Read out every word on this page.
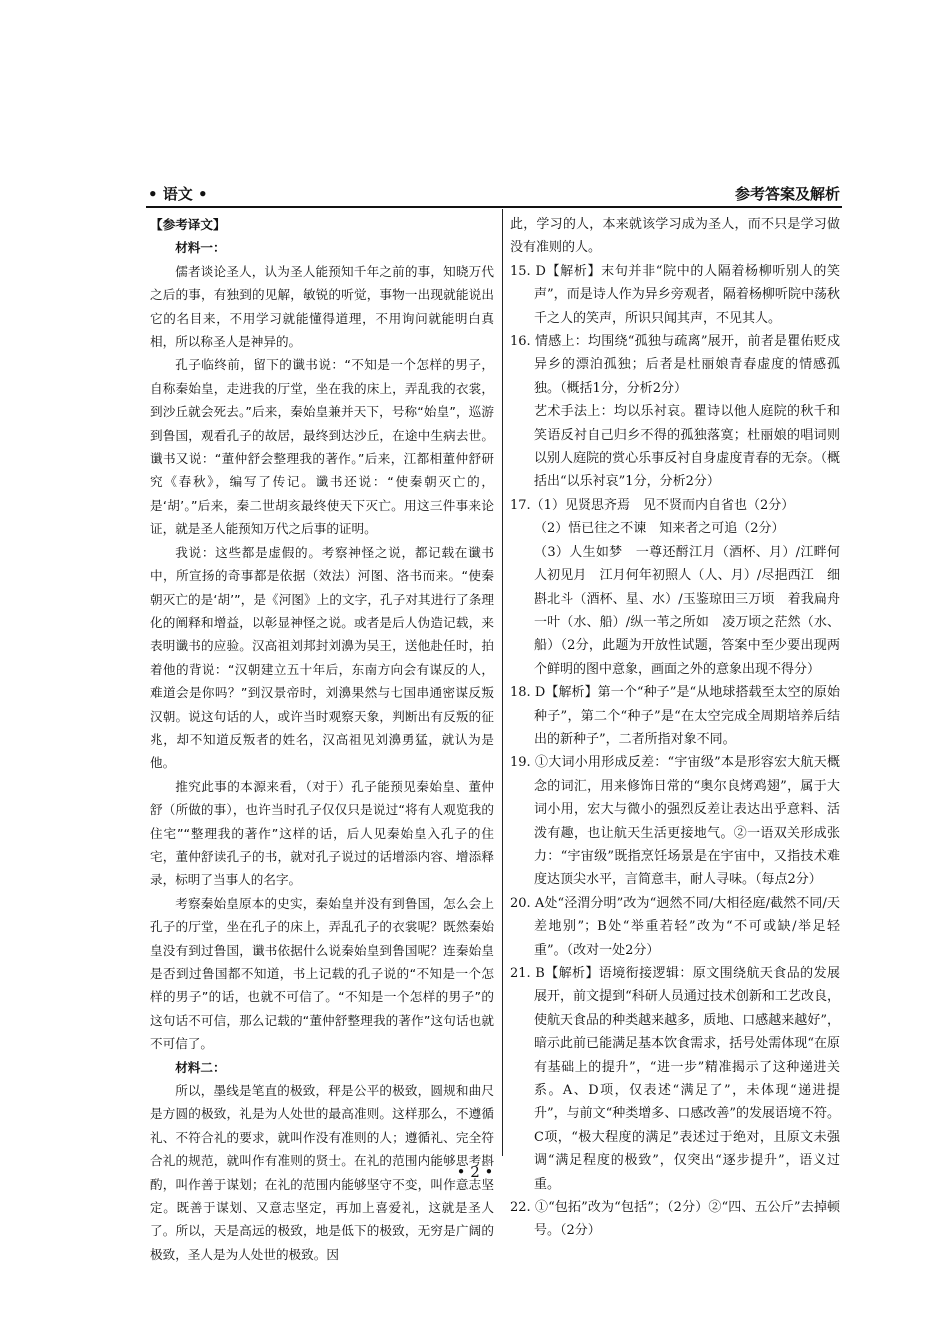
• 语文 •	参考答案及解析

【参考译文】

材料一：

儒者谈论圣人，认为圣人能预知千年之前的事，知晓万代之后的事，有独到的见解，敏锐的听觉，事物一出现就能说出它的名目来，不用学习就能懂得道理，不用询问就能明白真相，所以称圣人是神异的。

孔子临终前，留下的谶书说：“不知是一个怎样的男子，自称秦始皇，走进我的厅堂，坐在我的床上，弄乱我的衣裳，到沙丘就会死去。”后来，秦始皇兼并天下，号称“始皇”，巡游到鲁国，观看孔子的故居，最终到达沙丘，在途中生病去世。谶书又说：“董仲舒会整理我的著作。”后来，江都相董仲舒研究《春秋》，编写了传记。谶书还说：“使秦朝灭亡的，是‘胡’。”后来，秦二世胡亥最终使天下灭亡。用这三件事来论证，就是圣人能预知万代之后事的证明。

我说：这些都是虚假的。考察神怪之说，都记载在谶书中，所宣扬的奇事都是依据（效法）河图、洛书而来。“使秦朝灭亡的是‘胡’”，是《河图》上的文字，孔子对其进行了条理化的阐释和增益，以彰显神怪之说。或者是后人伪造记载，来表明谶书的应验。汉高祖刘邦封刘濞为吴王，送他赴任时，拍着他的背说：“汉朝建立五十年后，东南方向会有谋反的人，难道会是你吗？”到汉景帝时，刘濞果然与七国串通密谋反叛汉朝。说这句话的人，或许当时观察天象，判断出有反叛的征兆，却不知道反叛者的姓名，汉高祖见刘濞勇猛，就认为是他。

推究此事的本源来看，（对于）孔子能预见秦始皇、董仲舒（所做的事），也许当时孔子仅仅只是说过“将有人观览我的住宅”“整理我的著作”这样的话，后人见秦始皇入孔子的住宅，董仲舒读孔子的书，就对孔子说过的话增添内容、增添释录，标明了当事人的名字。

考察秦始皇原本的史实，秦始皇并没有到鲁国，怎么会上孔子的厅堂，坐在孔子的床上，弄乱孔子的衣裳呢？既然秦始皇没有到过鲁国，谶书依据什么说秦始皇到鲁国呢？连秦始皇是否到过鲁国都不知道，书上记载的孔子说的“不知是一个怎样的男子”的话，也就不可信了。“不知是一个怎样的男子”的这句话不可信，那么记载的“董仲舒整理我的著作”这句话也就不可信了。

材料二：

所以，墨线是笔直的极致，秤是公平的极致，圆规和曲尺是方圆的极致，礼是为人处世的最高准则。这样那么，不遵循礼、不符合礼的要求，就叫作没有准则的人；遵循礼、完全符合礼的规范，就叫作有准则的贤士。在礼的范围内能够思考斟酌，叫作善于谋划；在礼的范围内能够坚守不变，叫作意志坚定。既善于谋划、又意志坚定，再加上喜爱礼，这就是圣人了。所以，天是高远的极致，地是低下的极致，无穷是广阔的极致，圣人是为人处世的极致。因

此，学习的人，本来就该学习成为圣人，而不只是学习做没有准则的人。

15. D【解析】末句并非“院中的人隔着杨柳听别人的笑声”，而是诗人作为异乡旁观者，隔着杨柳听院中荡秋千之人的笑声，所识只闻其声，不见其人。

16. 情感上：均围绕“孤独与疏离”展开，前者是瞿佑贬戍异乡的漂泊孤独；后者是杜丽娘青春虚度的情感孤独。（概括1分，分析2分）

艺术手法上：均以乐衬哀。瞿诗以他人庭院的秋千和笑语反衬自己归乡不得的孤独落寞；杜丽娘的唱词则以别人庭院的赏心乐事反衬自身虚度青春的无奈。（概括出“以乐衬哀”1分，分析2分）

17.（1）见贤思齐焉　见不贤而内自省也（2分）

（2）悟已往之不谏　知来者之可追（2分）

（3）人生如梦　一尊还酹江月（酒杯、月）/江畔何人初见月　江月何年初照人（人、月）/尽挹西江　细斟北斗（酒杯、星、水）/玉鉴琼田三万顷　着我扁舟一叶（水、船）/纵一苇之所如　凌万顷之茫然（水、船）（2分，此题为开放性试题，答案中至少要出现两个鲜明的图中意象，画面之外的意象出现不得分）

18. D【解析】第一个“种子”是“从地球搭载至太空的原始种子”，第二个“种子”是“在太空完成全周期培养后结出的新种子”，二者所指对象不同。

19. ①大词小用形成反差：“宇宙级”本是形容宏大航天概念的词汇，用来修饰日常的“奥尔良烤鸡翅”，属于大词小用，宏大与微小的强烈反差让表达出乎意料、活泼有趣，也让航天生活更接地气。②一语双关形成张力：“宇宙级”既指烹饪场景是在宇宙中，又指技术难度达顶尖水平，言简意丰，耐人寻味。（每点2分）

20. A处“泾渭分明”改为“迥然不同/大相径庭/截然不同/天差地别”；B处“举重若轻”改为“不可或缺/举足轻重”。（改对一处2分）

21. B【解析】语境衔接逻辑：原文围绕航天食品的发展展开，前文提到“科研人员通过技术创新和工艺改良，使航天食品的种类越来越多，质地、口感越来越好”，暗示此前已能满足基本饮食需求，括号处需体现“在原有基础上的提升”，“进一步”精准揭示了这种递进关系。A、D项，仅表述“满足了”，未体现“递进提升”，与前文“种类增多、口感改善”的发展语境不符。C项，“极大程度的满足”表述过于绝对，且原文未强调“满足程度的极致”，仅突出“逐步提升”，语义过重。

22. ①“包拓”改为“包括”；（2分）②“四、五公斤”去掉顿号。（2分）

• 2 •
